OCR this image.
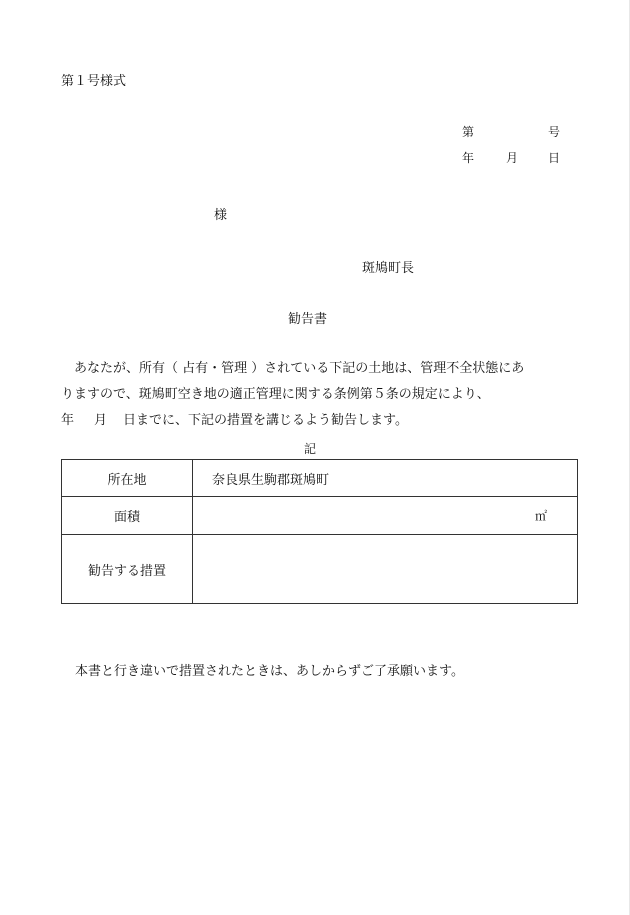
第１号様式
第	号
年	月 日
様
斑鳩町長
勧告書

あなたが、所有（ 占有・管理 ）されている下記の土地は、管理不全状態にあ

りますので、斑鳩町空き地の適正管理に関する条例第５条の規定により、

年 月 日までに、下記の措置を講じるよう勧告します。

記
所在地	奈良県生駒郡斑鳩町
面積	㎡

勧告する措置	
本書と行き違いで措置されたときは、あしからずご了承願います。
